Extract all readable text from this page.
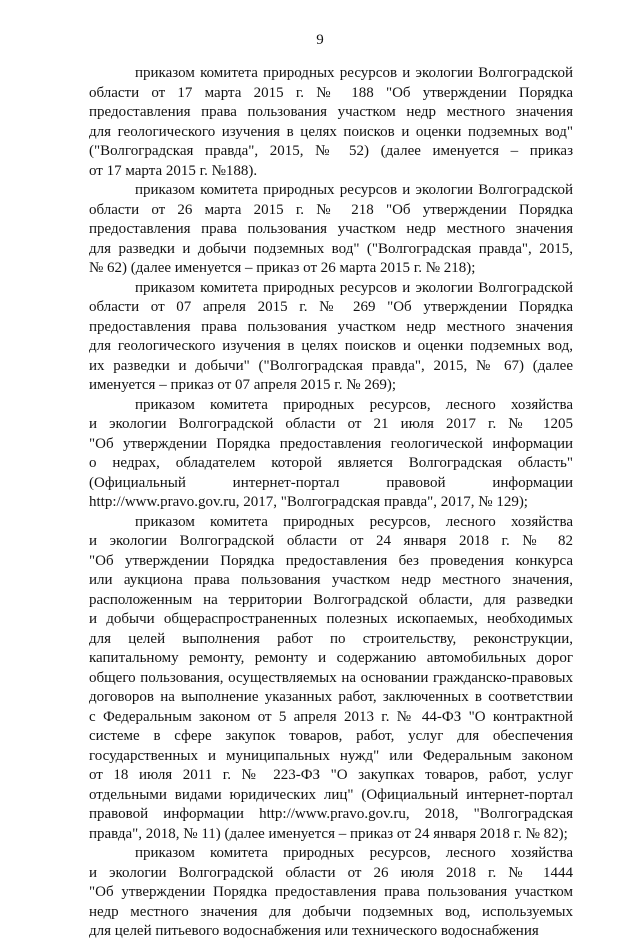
9
приказом комитета природных ресурсов и экологии Волгоградской
области от 17 марта 2015 г. № 188 "Об утверждении Порядка
предоставления права пользования участком недр местного значения
для геологического изучения в целях поисков и оценки подземных вод"
("Волгоградская правда", 2015, № 52) (далее именуется – приказ
от 17 марта 2015 г. №188).
приказом комитета природных ресурсов и экологии Волгоградской
области от 26 марта 2015 г. № 218 "Об утверждении Порядка
предоставления права пользования участком недр местного значения
для разведки и добычи подземных вод" ("Волгоградская правда", 2015,
№ 62) (далее именуется – приказ от 26 марта 2015 г. № 218);
приказом комитета природных ресурсов и экологии Волгоградской
области от 07 апреля 2015 г. № 269 "Об утверждении Порядка
предоставления права пользования участком недр местного значения
для геологического изучения в целях поисков и оценки подземных вод,
их разведки и добычи" ("Волгоградская правда", 2015, № 67) (далее
именуется – приказ от 07 апреля 2015 г. № 269);
приказом комитета природных ресурсов, лесного хозяйства
и экологии Волгоградской области от 21 июля 2017 г. № 1205
"Об утверждении Порядка предоставления геологической информации
о недрах, обладателем которой является Волгоградская область"
(Официальный интернет-портал правовой информации
http://www.pravo.gov.ru, 2017, "Волгоградская правда", 2017, № 129);
приказом комитета природных ресурсов, лесного хозяйства
и экологии Волгоградской области от 24 января 2018 г. № 82
"Об утверждении Порядка предоставления без проведения конкурса
или аукциона права пользования участком недр местного значения,
расположенным на территории Волгоградской области, для разведки
и добычи общераспространенных полезных ископаемых, необходимых
для целей выполнения работ по строительству, реконструкции,
капитальному ремонту, ремонту и содержанию автомобильных дорог
общего пользования, осуществляемых на основании гражданско-правовых
договоров на выполнение указанных работ, заключенных в соответствии
с Федеральным законом от 5 апреля 2013 г. № 44-ФЗ "О контрактной
системе в сфере закупок товаров, работ, услуг для обеспечения
государственных и муниципальных нужд" или Федеральным законом
от 18 июля 2011 г. № 223-ФЗ "О закупках товаров, работ, услуг
отдельными видами юридических лиц" (Официальный интернет-портал
правовой информации http://www.pravo.gov.ru, 2018, "Волгоградская
правда", 2018, № 11) (далее именуется – приказ от 24 января 2018 г. № 82);
приказом комитета природных ресурсов, лесного хозяйства
и экологии Волгоградской области от 26 июля 2018 г. № 1444
"Об утверждении Порядка предоставления права пользования участком
недр местного значения для добычи подземных вод, используемых
для целей питьевого водоснабжения или технического водоснабжения
